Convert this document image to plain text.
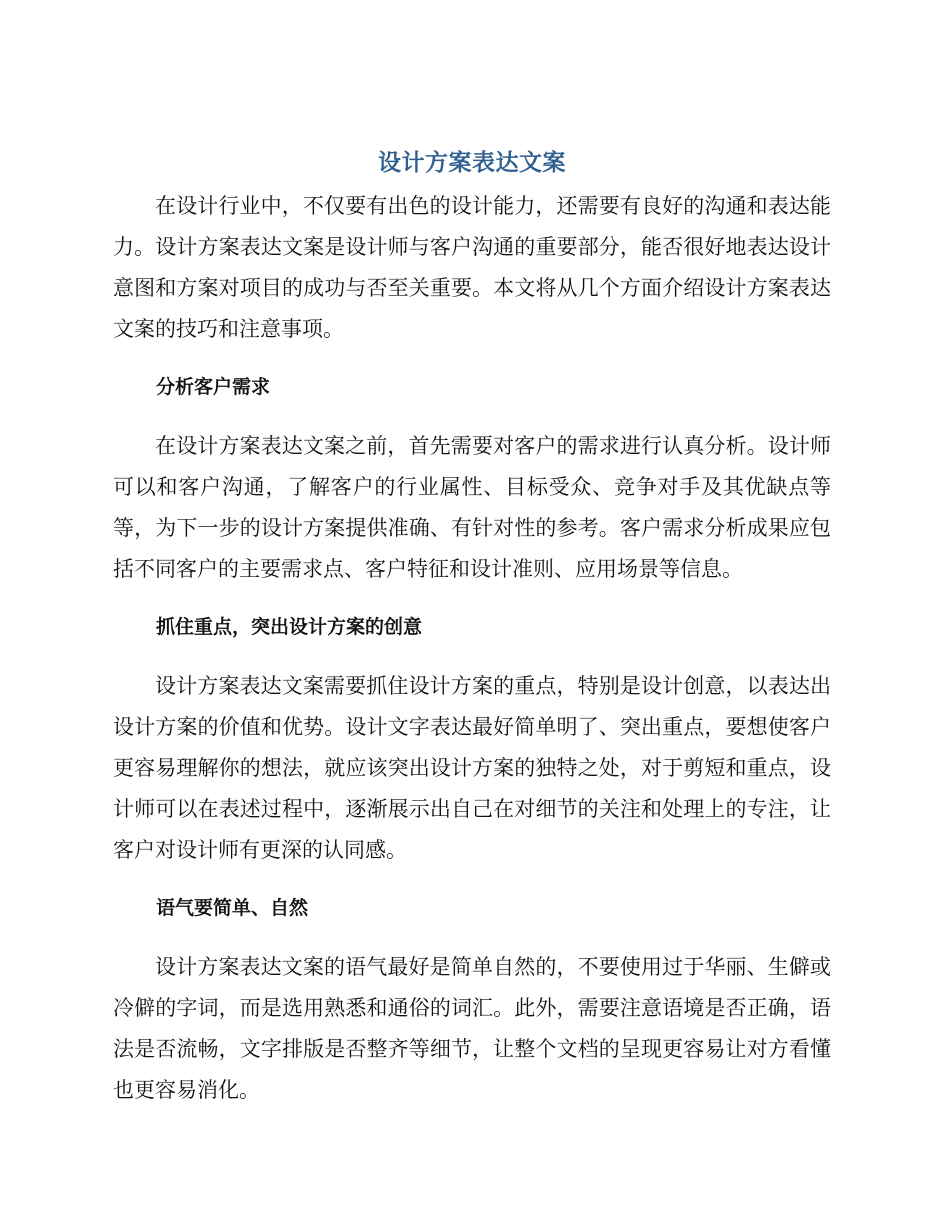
设计方案表达文案

在设计行业中，不仅要有出色的设计能力，还需要有良好的沟通和表达能力。设计方案表达文案是设计师与客户沟通的重要部分，能否很好地表达设计意图和方案对项目的成功与否至关重要。本文将从几个方面介绍设计方案表达文案的技巧和注意事项。

分析客户需求

在设计方案表达文案之前，首先需要对客户的需求进行认真分析。设计师可以和客户沟通，了解客户的行业属性、目标受众、竞争对手及其优缺点等等，为下一步的设计方案提供准确、有针对性的参考。客户需求分析成果应包括不同客户的主要需求点、客户特征和设计准则、应用场景等信息。

抓住重点，突出设计方案的创意

设计方案表达文案需要抓住设计方案的重点，特别是设计创意，以表达出设计方案的价值和优势。设计文字表达最好简单明了、突出重点，要想使客户更容易理解你的想法，就应该突出设计方案的独特之处，对于剪短和重点，设计师可以在表述过程中，逐渐展示出自己在对细节的关注和处理上的专注，让客户对设计师有更深的认同感。

语气要简单、自然

设计方案表达文案的语气最好是简单自然的，不要使用过于华丽、生僻或冷僻的字词，而是选用熟悉和通俗的词汇。此外，需要注意语境是否正确，语法是否流畅，文字排版是否整齐等细节，让整个文档的呈现更容易让对方看懂也更容易消化。
